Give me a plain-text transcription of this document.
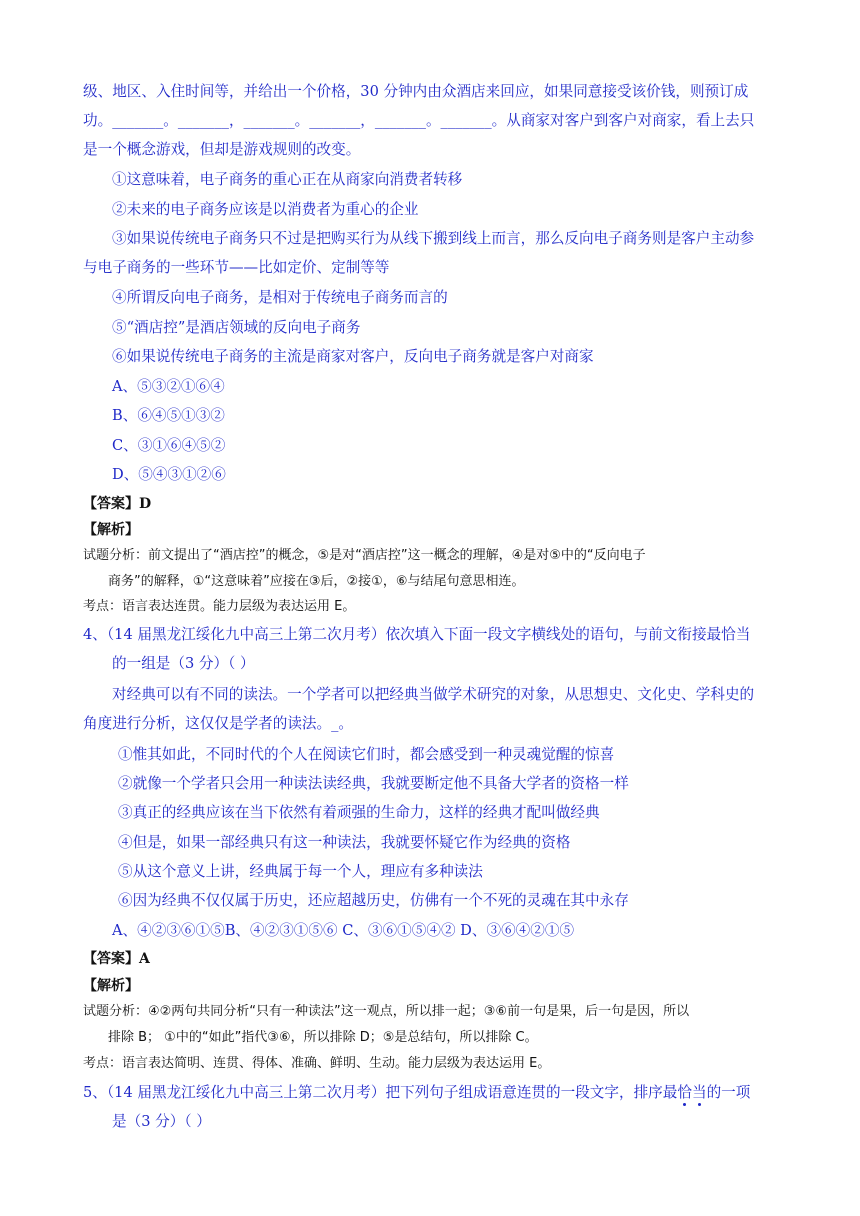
级、地区、入住时间等，并给出一个价格，30 分钟内由众酒店来回应，如果同意接受该价钱，则预订成
功。_______。_______，_______。_______，_______。_______。从商家对客户到客户对商家，看上去只
是一个概念游戏，但却是游戏规则的改变。
①这意味着，电子商务的重心正在从商家向消费者转移
②未来的电子商务应该是以消费者为重心的企业
③如果说传统电子商务只不过是把购买行为从线下搬到线上而言，那么反向电子商务则是客户主动参
与电子商务的一些环节——比如定价、定制等等
④所谓反向电子商务，是相对于传统电子商务而言的
⑤“酒店控”是酒店领域的反向电子商务
⑥如果说传统电子商务的主流是商家对客户，反向电子商务就是客户对商家
A、⑤③②①⑥④
B、⑥④⑤①③②
C、③①⑥④⑤②
D、⑤④③①②⑥
【答案】D
【解析】
试题分析：前文提出了“酒店控”的概念，⑤是对“酒店控”这一概念的理解，④是对⑤中的“反向电子
商务”的解释，①“这意味着”应接在③后，②接①，⑥与结尾句意思相连。
考点：语言表达连贯。能力层级为表达运用 E。
4、（14 届黑龙江绥化九中高三上第二次月考）依次填入下面一段文字横线处的语句，与前文衔接最恰当
的一组是（3 分）（ ）
对经典可以有不同的读法。一个学者可以把经典当做学术研究的对象，从思想史、文化史、学科史的
角度进行分析，这仅仅是学者的读法。_。
①惟其如此，不同时代的个人在阅读它们时，都会感受到一种灵魂觉醒的惊喜
②就像一个学者只会用一种读法读经典，我就要断定他不具备大学者的资格一样
③真正的经典应该在当下依然有着顽强的生命力，这样的经典才配叫做经典
④但是，如果一部经典只有这一种读法，我就要怀疑它作为经典的资格
⑤从这个意义上讲，经典属于每一个人，理应有多种读法
⑥因为经典不仅仅属于历史，还应超越历史，仿佛有一个不死的灵魂在其中永存
A、④②③⑥①⑤B、④②③①⑤⑥ C、③⑥①⑤④② D、③⑥④②①⑤
【答案】A
【解析】
试题分析：④②两句共同分析“只有一种读法”这一观点，所以排一起；③⑥前一句是果，后一句是因，所以
排除 B； ①中的“如此”指代③⑥，所以排除 D；⑤是总结句，所以排除 C。
考点：语言表达简明、连贯、得体、准确、鲜明、生动。能力层级为表达运用 E。
5、（14 届黑龙江绥化九中高三上第二次月考）把下列句子组成语意连贯的一段文字，排序最恰当的一项
是（3 分）（ ）
